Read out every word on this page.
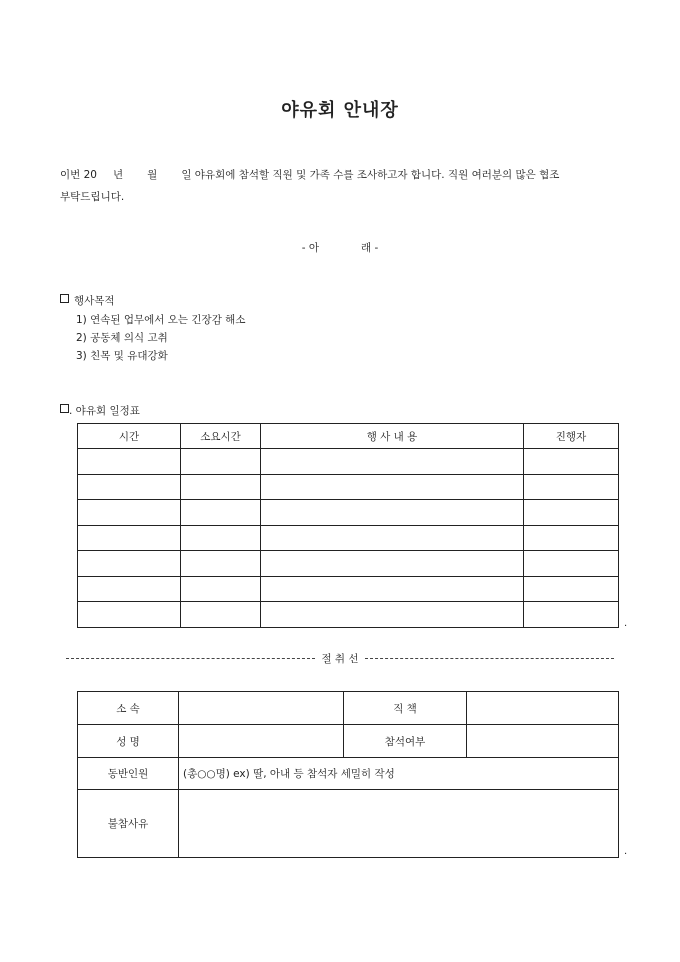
야유회 안내장
이번 20 년 월 일 야유회에 참석할 직원 및 가족 수를 조사하고자 합니다. 직원 여러분의 많은 협조
부탁드립니다.
- 아	래 -
행사목적
1) 연속된 업무에서 오는 긴장감 해소
2) 공동체 의식 고취
3) 친목 및 유대강화
. 야유회 일정표
시간	소요시간	행 사 내 용	진행자

.
절 취 선
소 속		직 책	
성 명		참석여부	
동반인원	(총○○명) ex) 딸, 아내 등 참석자 세밀히 작성		
불참사유			
.
